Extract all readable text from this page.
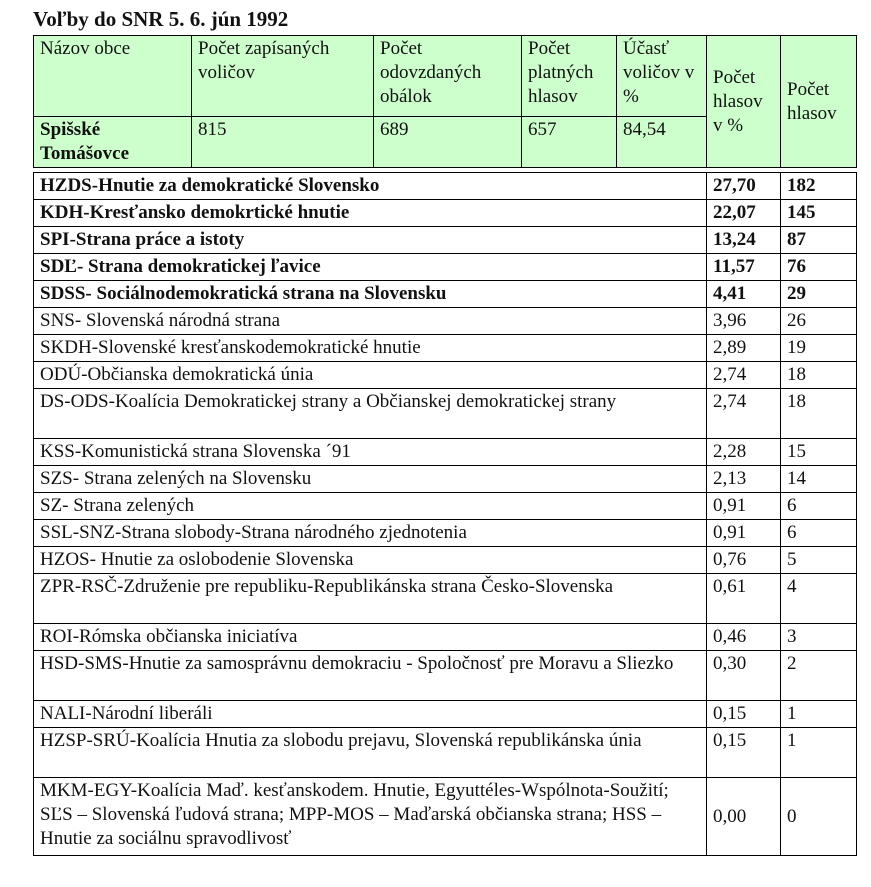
Voľby do SNR 5. 6. jún 1992
Názov obce	Počet zapísaných voličov	Počet odovzdaných obálok	Počet platných hlasov	Účasť voličov v %	Počet hlasov v %	Počet hlasov
Spišské Tomášovce	815	689	657	84,54		

HZDS-Hnutie za demokratické Slovensko					27,70	182
KDH-Kresťansko demokrtické hnutie					22,07	145
SPI-Strana práce a istoty					13,24	87
SDĽ- Strana demokratickej ľavice					11,57	76
SDSS- Sociálnodemokratická strana na Slovensku					4,41	29
SNS- Slovenská národná strana					3,96	26
SKDH-Slovenské kresťanskodemokratické hnutie					2,89	19
ODÚ-Občianska demokratická únia					2,74	18
DS-ODS-Koalícia Demokratickej strany a Občianskej demokratickej strany					2,74	18
KSS-Komunistická strana Slovenska ´91					2,28	15
SZS- Strana zelených na Slovensku					2,13	14
SZ- Strana zelených					0,91	6
SSL-SNZ-Strana slobody-Strana národného zjednotenia					0,91	6
HZOS- Hnutie za oslobodenie Slovenska					0,76	5
ZPR-RSČ-Združenie pre republiku-Republikánska strana Česko-Slovenska					0,61	4
ROI-Rómska občianska iniciatíva					0,46	3
HSD-SMS-Hnutie za samosprávnu demokraciu - Spoločnosť pre Moravu a Sliezko					0,30	2
NALI-Národní liberáli					0,15	1
HZSP-SRÚ-Koalícia Hnutia za slobodu prejavu, Slovenská republikánska únia					0,15	1
MKM-EGY-Koalícia Maď. kesťanskodem. Hnutie, Egyuttéles-Wspólnota-Soužití; SĽS – Slovenská ľudová strana; MPP-MOS – Maďarská občianska strana; HSS – Hnutie za sociálnu spravodlivosť					0,00	0
